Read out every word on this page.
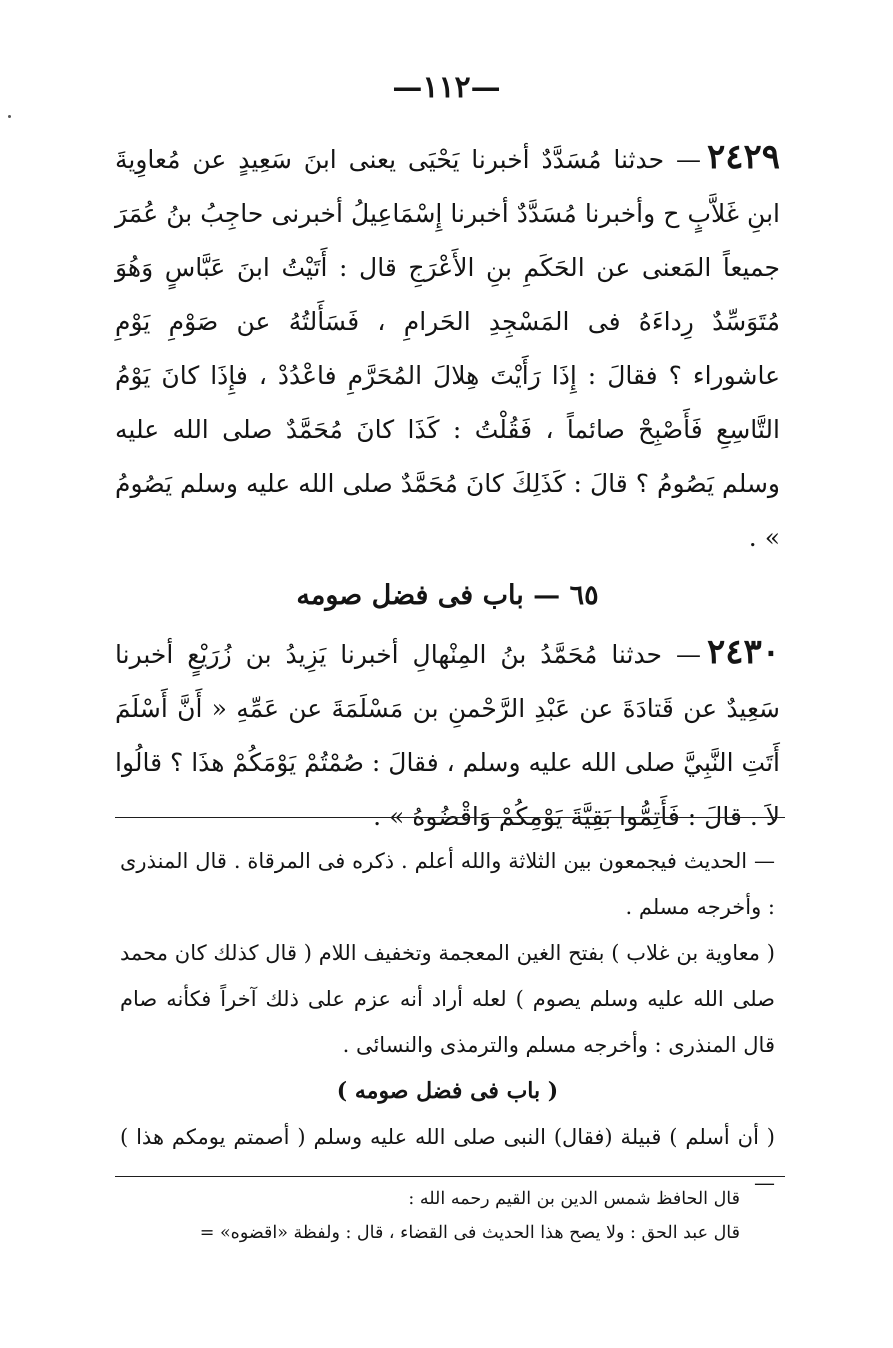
—١١٢—

٢٤٢٩— حدثنا مُسَدَّدٌ أخبرنا يَحْيَى يعنى ابنَ سَعِيدٍ عن مُعاوِيةَ ابنِ غَلاَّبٍ ح وأخبرنا مُسَدَّدٌ أخبرنا إِسْمَاعِيلُ أخبرنى حاجِبُ بنُ عُمَرَ جميعاً المَعنى عن الحَكَمِ بنِ الأَعْرَجِ قال : أَتَيْتُ ابنَ عَبَّاسٍ وَهُوَ مُتَوَسِّدٌ رِداءَهُ فى المَسْجِدِ الحَرامِ ، فَسَأَلتُهُ عن صَوْمِ يَوْمِ عاشوراء ؟ فقالَ : إِذَا رَأَيْتَ هِلالَ المُحَرَّمِ فاعْدُدْ ، فإِذَا كانَ يَوْمُ التَّاسِعِ فَأَصْبِحْ صائماً ، فَقُلْتُ : كَذَا كانَ مُحَمَّدٌ صلى الله عليه وسلم يَصُومُ ؟ قالَ : كَذَلِكَ كانَ مُحَمَّدٌ صلى الله عليه وسلم يَصُومُ » .

٦٥ — باب فى فضل صومه

٢٤٣٠— حدثنا مُحَمَّدُ بنُ المِنْهالِ أخبرنا يَزِيدُ بن زُرَيْعٍ أخبرنا سَعِيدٌ عن قَتادَةَ عن عَبْدِ الرَّحْمنِ بن مَسْلَمَةَ عن عَمِّهِ « أَنَّ أَسْلَمَ أَتَتِ النَّبِيَّ صلى الله عليه وسلم ، فقالَ : صُمْتُمْ يَوْمَكُمْ هذَا ؟ قالُوا لاَ . قالَ : فَأَتِمُّوا بَقِيَّةَ يَوْمِكُمْ وَاقْضُوهُ » .

— الحديث فيجمعون بين الثلاثة والله أعلم . ذكره فى المرقاة . قال المنذرى : وأخرجه مسلم .

( معاوية بن غلاب ) بفتح الغين المعجمة وتخفيف اللام ( قال كذلك كان محمد صلى الله عليه وسلم يصوم ) لعله أراد أنه عزم على ذلك آخراً فكأنه صام قال المنذرى : وأخرجه مسلم والترمذى والنسائى .

( باب فى فضل صومه )

( أن أسلم ) قبيلة (فقال) النبى صلى الله عليه وسلم ( أصمتم يومكم هذا ) —

قال الحافظ شمس الدين بن القيم رحمه الله :

قال عبد الحق : ولا يصح هذا الحديث فى القضاء ، قال : ولفظة «اقضوه» =
